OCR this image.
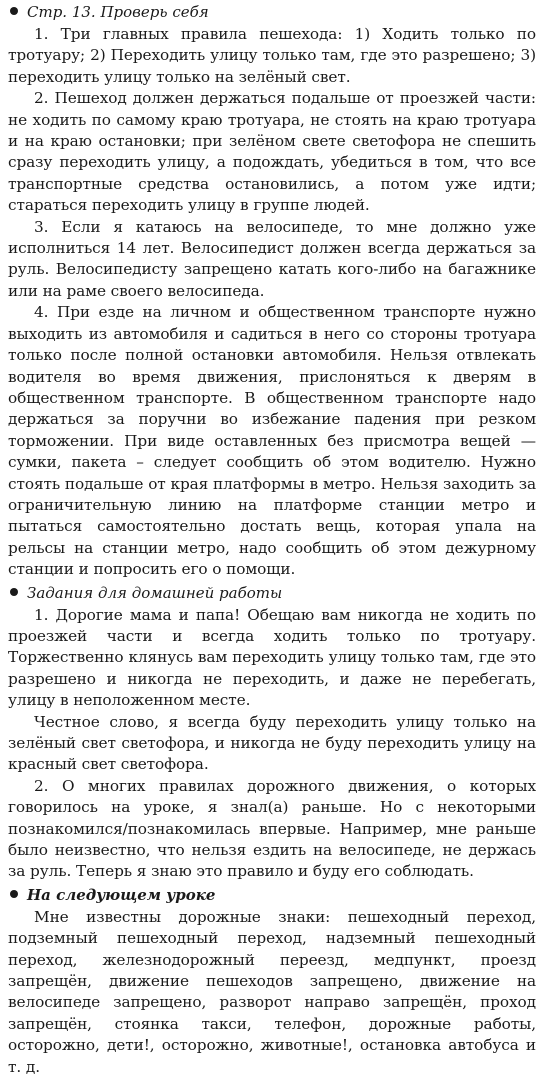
Стр. 13. Проверь себя

1. Три главных правила пешехода: 1) Ходить только по тротуару; 2) Переходить улицу только там, где это разрешено; 3) переходить улицу только на зелёный свет.

2. Пешеход должен держаться подальше от проезжей части: не ходить по самому краю тротуара, не стоять на краю тротуара и на краю остановки; при зелёном свете светофора не спешить сразу переходить улицу, а подождать, убедиться в том, что все транспортные средства остановились, а потом уже идти; стараться переходить улицу в группе людей.

3. Если я катаюсь на велосипеде, то мне должно уже исполниться 14 лет. Велосипедист должен всегда держаться за руль. Велосипедисту запрещено катать кого-либо на багажнике или на раме своего велосипеда.

4. При езде на личном и общественном транспорте нужно выходить из автомобиля и садиться в него со стороны тротуара только после полной остановки автомобиля. Нельзя отвлекать водителя во время движения, прислоняться к дверям в общественном транспорте. В общественном транспорте надо держаться за поручни во избежание падения при резком торможении. При виде оставленных без присмотра вещей — сумки, пакета – следует сообщить об этом водителю. Нужно стоять подальше от края платформы в метро. Нельзя заходить за ограничительную линию на платформе станции метро и пытаться самостоятельно достать вещь, которая упала на рельсы на станции метро, надо сообщить об этом дежурному станции и попросить его о помощи.

Задания для домашней работы

1. Дорогие мама и папа! Обещаю вам никогда не ходить по проезжей части и всегда ходить только по тротуару. Торжественно клянусь вам переходить улицу только там, где это разрешено и никогда не переходить, и даже не перебегать, улицу в неположенном месте.

Честное слово, я всегда буду переходить улицу только на зелёный свет светофора, и никогда не буду переходить улицу на красный свет светофора.

2. О многих правилах дорожного движения, о которых говорилось на уроке, я знал(а) раньше. Но с некоторыми познакомился/познакомилась впервые. Например, мне раньше было неизвестно, что нельзя ездить на велосипеде, не держась за руль. Теперь я знаю это правило и буду его соблюдать.

На следующем уроке

Мне известны дорожные знаки: пешеходный переход, подземный пешеходный переход, надземный пешеходный переход, железнодорожный переезд, медпункт, проезд запрещён, движение пешеходов запрещено, движение на велосипеде запрещено, разворот направо запрещён, проход запрещён, стоянка такси, телефон, дорожные работы, осторожно, дети!, осторожно, животные!, остановка автобуса и т. д.
